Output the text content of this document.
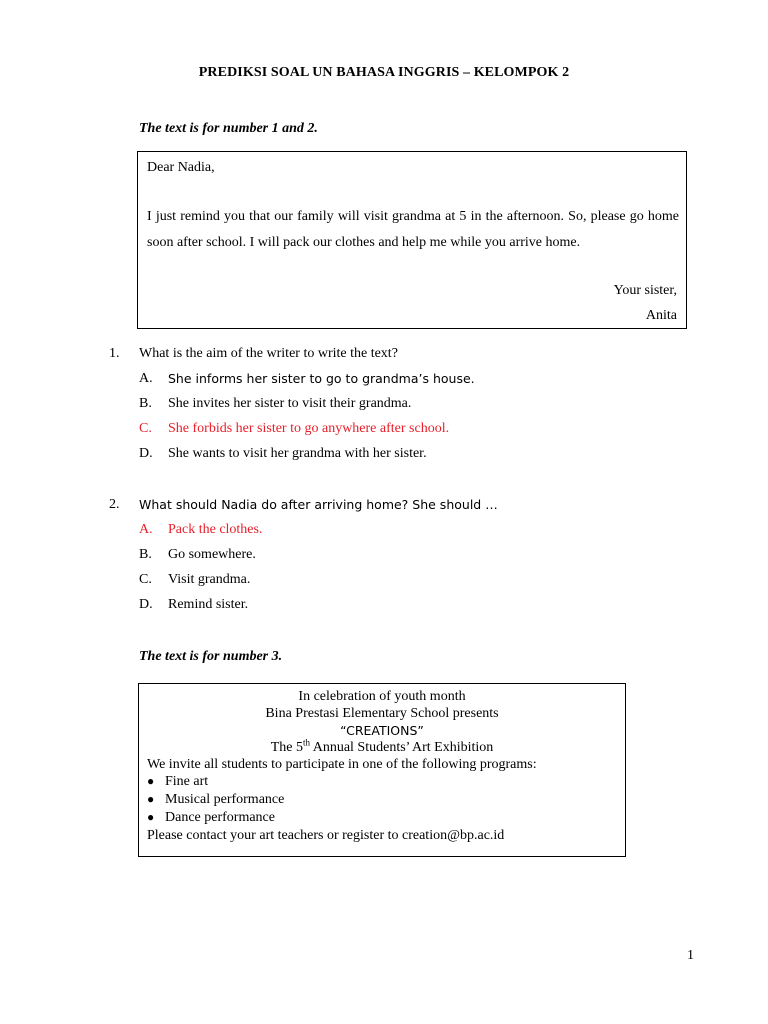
PREDIKSI SOAL UN BAHASA INGGRIS – KELOMPOK 2
The text is for number 1 and 2.
Dear Nadia,
I just remind you that our family will visit grandma at 5 in the afternoon. So, please go home soon after school. I will pack our clothes and help me while you arrive home.
Your sister,
Anita
1. What is the aim of the writer to write the text?
A. She informs her sister to go to grandma’s house.
B. She invites her sister to visit their grandma.
C. She forbids her sister to go anywhere after school.
D. She wants to visit her grandma with her sister.
2. What should Nadia do after arriving home? She should …
A. Pack the clothes.
B. Go somewhere.
C. Visit grandma.
D. Remind sister.
The text is for number 3.
In celebration of youth month
Bina Prestasi Elementary School presents
“CREATIONS”
The 5th Annual Students’ Art Exhibition
We invite all students to participate in one of the following programs:
● Fine art
● Musical performance
● Dance performance
Please contact your art teachers or register to creation@bp.ac.id
1
